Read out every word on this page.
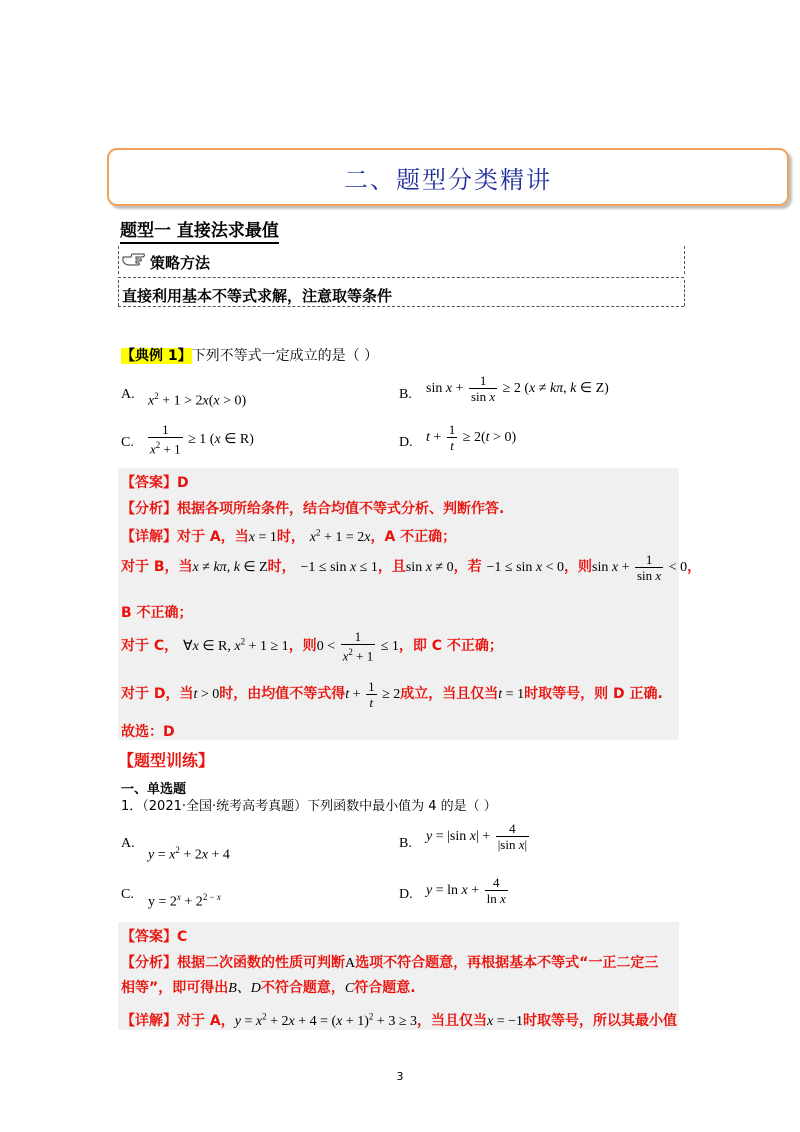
二、题型分类精讲
题型一 直接法求最值
策略方法
直接利用基本不等式求解，注意取等条件
【典例 1】下列不等式一定成立的是（ ）
A. $x^2 + 1 > 2x(x > 0)$	B. $\sin x + \frac{1}{\text{sin x}} \ge 2$ (x ≠ kπ, k ∈ Z)
C. $\frac{1}{x^2 + 1} \ge 1$ (x ∈ R)	D. $t + \frac{1}{t} \ge 2(t > 0)$
【答案】D
【分析】根据各项所给条件，结合均值不等式分析、判断作答.
【详解】对于 A，当x = 1时， $x^2 + 1 = 2x$，A 不正确；
对于 B，当x ≠ kπ, k ∈ Z时， −1 ≤ sin x ≤ 1，且sin x ≠ 0，若 −1 ≤ sin x < 0，则$\sin x + \frac{1}{\text{sin x}} < 0$，
B 不正确；
对于 C， ∀x ∈ R, $x^2 + 1 \ge 1$，则$0 < \frac{1}{x^2 + 1} \le 1$，即 C 不正确；
对于 D，当t > 0时，由均值不等式得$t + \frac{1}{t} \ge 2$成立，当且仅当t = 1时取等号，则 D 正确.
故选：D
【题型训练】
一、单选题
1．（2021·全国·统考高考真题）下列函数中最小值为 4 的是（ ）
A.
$y = x^2 + 2x + 4$
B. y = |sin $x| + \frac{4}{\text{|sin x|}}$
C.
$y = 2^x + 2^{2 - x}$	D. $y = \ln x + \frac{4}{\text{ln x}}$
【答案】C
【分析】根据二次函数的性质可判断A选项不符合题意，再根据基本不等式“一正二定三
相等”，即可得出B、D不符合题意，C符合题意.
【详解】对于 A，$y = x^2 + 2x + 4 = (x + 1)^2 + 3 \ge 3$，当且仅当x = −1时取等号，所以其最小值
3
